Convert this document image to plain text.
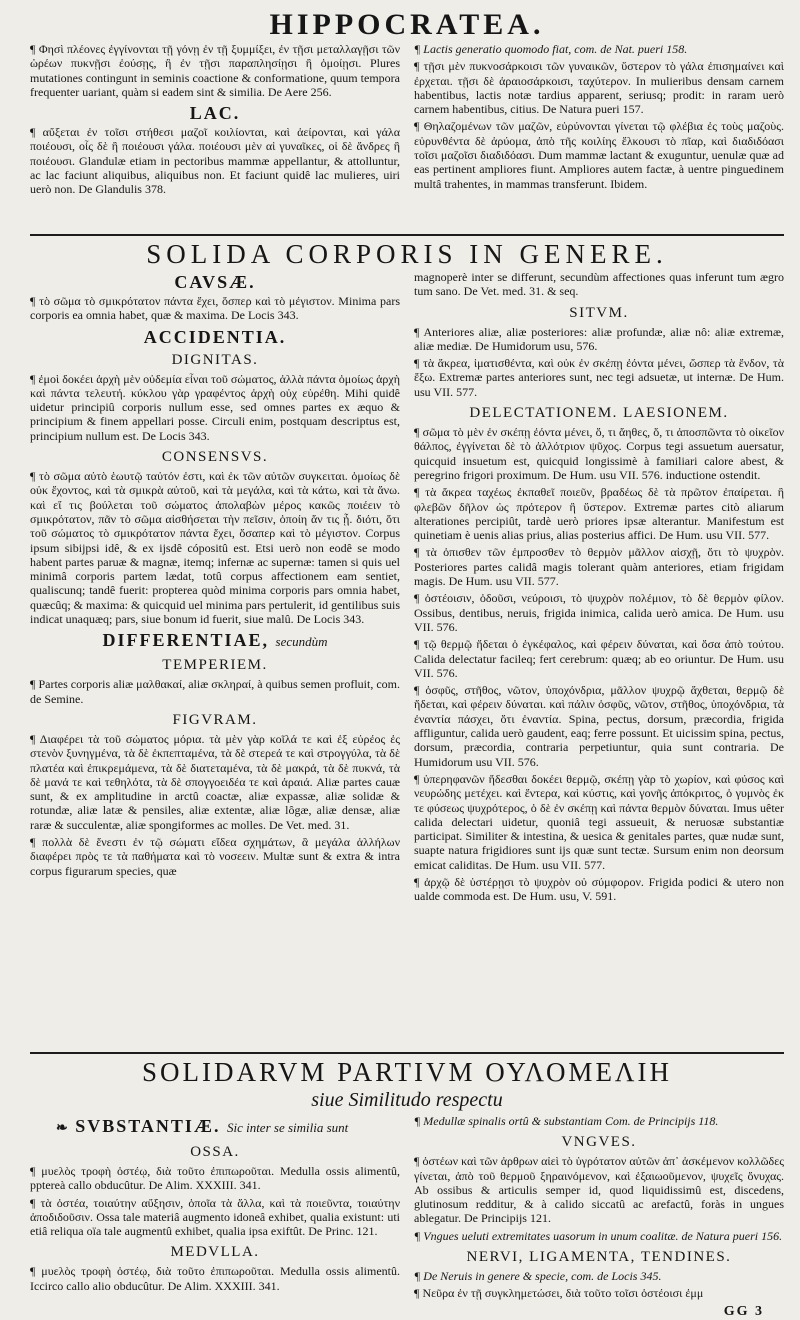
HIPPOCRATEA.

¶ Φησὶ πλέονες ἐγγίνονται τῇ γόνῃ ἐν τῇ ξυμμίξει, ἐν τῇσι μεταλλαγῇσι τῶν ὡρέων πυκνῇσι ἐούσῃς, ἢ ἐν τῇσι παραπλησίῃσι ἢ ὁμοίῃσι. Plures mutationes contingunt in seminis coactione & conformatione, quum tempora frequenter uariant, quàm si eadem sint & similia. De Aere 256.

LAC.

¶ αὔξεται ἐν τοῖσι στήθεσι μαζοῖ κοιλίονται, καὶ ἀείρονται, καὶ γάλα ποιέουσι, οἷς δὲ ἢ ποιέουσι γάλα. ποιέουσι μὲν αἱ γυναῖκες, οἱ δὲ ἄνδρες ἢ ποιέουσι. Glandulæ etiam in pectoribus mammæ appellantur, & attolluntur, ac lac faciunt aliquibus, aliquibus non. Et faciunt quidê lac mulieres, uiri uerò non. De Glandulis 378.

¶ Lactis generatio quomodo fiat, com. de Nat. pueri 158.

¶ τῇσι μὲν πυκνοσάρκοισι τῶν γυναικῶν, ὕστερον τὸ γάλα ἐπισημαίνει καὶ ἐρχεται. τῇσι δὲ ἀραιοσάρκοισι, ταχύτερον. In mulieribus densam carnem habentibus, lactis notæ tardius apparent, seriusq; prodit: in raram uerò carnem habentibus, citius. De Natura pueri 157.

¶ Θηλαζομένων τῶν μαζῶν, εὐρύνονται γίνεται τῷ φλέβια ἐς τοὺς μαζοὺς. εὐρυνθέντα δὲ ἀρύομα, ἀπὸ τῆς κοιλίης ἕλκουσι τὸ πῖαρ, καὶ διαδιδόασι τοῖσι μαζοῖσι διαδιδόασι. Dum mammæ lactant & exuguntur, uenulæ quæ ad eas pertinent ampliores fiunt. Ampliores autem factæ, à uentre pinguedinem multâ trahentes, in mammas transferunt. Ibidem.

SOLIDA CORPORIS IN GENERE.
CAVSÆ.

¶ τὸ σῶμα τὸ σμικρότατον πάντα ἔχει, ὅσπερ καὶ τὸ μέγιστον. Minima pars corporis ea omnia habet, quæ & maxima. De Locis 343.

ACCIDENTIA.
DIGNITAS.

¶ ἐμοὶ δοκέει ἀρχὴ μὲν οὐδεμία εἶναι τοῦ σώματος, ἀλλὰ πάντα ὁμοίως ἀρχὴ καὶ πάντα τελευτή. κύκλου γὰρ γραφέντος ἀρχὴ οὐχ εὑρέθη. Mihi quidê uidetur principiû corporis nullum esse, sed omnes partes ex æquo & principium & finem appellari posse. Circuli enim, postquam descriptus est, principium nullum est. De Locis 343.

CONSENSVS.

¶ τὸ σῶμα αὐτὸ ἑωυτῷ ταὐτόν ἐστι, καὶ ἐκ τῶν αὐτῶν συγκειται. ὁμοίως δὲ οὐκ ἔχοντος, καὶ τὰ σμικρὰ αὐτοῦ, καὶ τὰ μεγάλα, καὶ τὰ κάτω, καὶ τὰ ἄνω. καὶ εἴ τις βούλεται τοῦ σώματος ἀπολαβὼν μέρος κακῶς ποιέειν τὸ σμικρότατον, πᾶν τὸ σῶμα αἰσθήσεται τὴν πεῖσιν, ὁποίη ἄν τις ᾖ. διότι, ὅτι τοῦ σώματος τὸ σμικρότατον πάντα ἔχει, ὅσαπερ καὶ τὸ μέγιστον. Corpus ipsum sibijpsi idê, & ex ijsdê cópositû est. Etsi uerò non eodê se modo habent partes paruæ & magnæ, itemq; infernæ ac supernæ: tamen si quis uel minimâ corporis partem lædat, totû corpus affectionem eam sentiet, qualiscunq; tandê fuerit: propterea quòd minima corporis pars omnia habet, quæcûq; & maxima: & quicquid uel minima pars pertulerit, id gentilibus suis indicat unaquæq; pars, siue bonum id fuerit, siue malû. De Locis 343.

DIFFERENTIAE, secundùm
TEMPERIEM.

¶ Partes corporis aliæ μαλθακαί, aliæ σκληραί, à quibus semen profluit, com. de Semine.

FIGVRAM.

¶ Διαφέρει τὰ τοῦ σώματος μόρια. τὰ μὲν γὰρ κοῖλά τε καὶ ἐξ εὐρέος ἐς στενὸν ξυνηγμένα, τὰ δὲ ἐκπεπταμένα, τὰ δὲ στερεά τε καὶ στρογγύλα, τὰ δὲ πλατέα καὶ ἐπικρεμάμενα, τὰ δὲ διατεταμένα, τὰ δὲ μακρά, τὰ δὲ πυκνά, τὰ δὲ μανά τε καὶ τεθηλότα, τὰ δὲ σπογγοειδέα τε καὶ ἀραιά. Aliæ partes cauæ sunt, & ex amplitudine in arctû coactæ, aliæ expassæ, aliæ solidæ & rotundæ, aliæ latæ & pensiles, aliæ extentæ, aliæ lôgæ, aliæ densæ, aliæ raræ & succulentæ, aliæ spongiformes ac molles. De Vet. med. 31.

¶ πολλὰ δὲ ἔνεστι ἐν τῷ σώματι εἴδεα σχημάτων, ἃ μεγάλα ἀλλήλων διαφέρει πρὸς τε τὰ παθήματα καὶ τὸ νοσεειν. Multæ sunt & extra & intra corpus figurarum species, quæ

magnoperè inter se differunt, secundùm affectiones quas inferunt tum ægro tum sano. De Vet. med. 31. & seq.

SITVM.

¶ Anteriores aliæ, aliæ posteriores: aliæ profundæ, aliæ nô: aliæ extremæ, aliæ mediæ. De Humidorum usu, 576.

¶ τὰ ἄκρεα, ἱματισθέντα, καὶ οὐκ ἐν σκέπῃ ἐόντα μένει, ὥσπερ τὰ ἔνδον, τὰ ἔξω. Extremæ partes anteriores sunt, nec tegi adsuetæ, ut internæ. De Hum. usu VII. 577.

DELECTATIONEM. LAESIONEM.

¶ σῶμα τὸ μὲν ἐν σκέπῃ ἐόντα μένει, ὅ, τι ἄηθες, ὅ, τι ἀποσπῶντα τὸ οἰκεῖον θάλπος, ἐγγίνεται δὲ τὸ ἀλλότριον ψῦχος. Corpus tegi assuetum auersatur, quicquid insuetum est, quicquid longissimè à familiari calore abest, & peregrino frigori proximum. De Hum. usu VII. 576. inductione ostendit.

¶ τὰ ἄκρεα ταχέως ἐκπαθεῖ ποιεῦν, βραδέως δὲ τὰ πρῶτον ἐπαίρεται. ἢ φλεβῶν δῆλον ὡς πρότερον ἢ ὕστερον. Extremæ partes citò aliarum alterationes percipiût, tardè uerò priores ipsæ alterantur. Manifestum est quinetiam è uenis alias prius, alias posterius affici. De Hum. usu VII. 577.

¶ τὰ ὀπισθεν τῶν ἐμπροσθεν τὸ θερμὸν μᾶλλον αἰσχῇ, ὅτι τὸ ψυχρὸν. Posteriores partes calidâ magis tolerant quàm anteriores, etiam frigidam magis. De Hum. usu VII. 577.

¶ ὀστέοισιν, ὀδοῦσι, νεύροισι, τὸ ψυχρὸν πολέμιον, τὸ δὲ θερμὸν φίλον. Ossibus, dentibus, neruis, frigida inimica, calida uerò amica. De Hum. usu VII. 576.

¶ τῷ θερμῷ ἥδεται ὁ ἐγκέφαλος, καὶ φέρειν δύναται, καὶ ὅσα ἀπὸ τούτου. Calida delectatur facileq; fert cerebrum: quæq; ab eo oriuntur. De Hum. usu VII. 576.

¶ ὀσφῦς, στῆθος, νῶτον, ὑποχόνδρια, μᾶλλον ψυχρῷ ἄχθεται, θερμῷ δὲ ἥδεται, καὶ φέρειν δύναται. καὶ πάλιν ὀσφῦς, νῶτον, στῆθος, ὑποχόνδρια, τὰ ἐναντία πάσχει, ὅτι ἐναντία. Spina, pectus, dorsum, præcordia, frigida affliguntur, calida uerò gaudent, eaq; ferre possunt. Et uicissim spina, pectus, dorsum, præcordia, contraria perpetiuntur, quia sunt contraria. De Humidorum usu VII. 576.

¶ ὑπερηφανῶν ἥδεσθαι δοκέει θερμῷ, σκέπῃ γὰρ τὸ χωρίον, καὶ φύσος καὶ νευρώδης μετέχει. καὶ ἔντερα, καὶ κύστις, καὶ γονῆς ἀπόκριτος, ὁ γυμνὸς ἐκ τε φύσεως ψυχρότερος, ὁ δὲ ἐν σκέπῃ καὶ πάντα θερμὸν δύναται. Imus uêter calida delectari uidetur, quoniâ tegi assueuit, & neruosæ substantiæ participat. Similiter & intestina, & uesica & genitales partes, quæ nudæ sunt, suapte natura frigidiores sunt ijs quæ sunt tectæ. Sursum enim non deorsum emicat caliditas. De Hum. usu VII. 577.

¶ ἀρχῷ δὲ ὑστέρῃσι τὸ ψυχρὸν οὐ σύμφορον. Frigida podici & utero non ualde commoda est. De Hum. usu, V. 591.

SOLIDARVM PARTIVM ΟΥΛΟΜΕΛΙΗ
siue Similitudo respectu
❧ SVBSTANTIÆ. Sic inter se similia sunt
OSSA.

¶ μυελὸς τροφὴ ὀστέῳ, διὰ τοῦτο ἐπιπωροῦται. Medulla ossis alimentû, pptereà callo obducûtur. De Alim. XXXIII. 341.

¶ τὰ ὀστέα, τοιαύτην αὔξησιν, ὁποῖα τὰ ἄλλα, καὶ τὰ ποιεῦντα, τοιαύτην ἀποδιδοῦσιν. Ossa tale materiâ augmento idoneâ exhibet, qualia existunt: uti etiâ reliqua oïa tale augmentû exhibet, qualia ipsa exiftût. De Princ. 121.

MEDVLLA.

¶ μυελὸς τροφὴ ὀστέῳ, διὰ τοῦτο ἐπιπωροῦται. Medulla ossis alimentû. Iccirco callo alio obducûtur. De Alim. XXXIII. 341.

¶ Medullæ spinalis ortû & substantiam Com. de Principijs 118.

VNGVES.

¶ ὀστέων καὶ τῶν ἀρθρων αἰεὶ τὸ ὑγρότατον αὐτῶν ἀπ᾽ ἀσκέμενον κολλῶδες γίνεται, ἀπὸ τοῦ θερμοῦ ξηραινόμενον, καὶ ἐξαιωοῦμενον, ψυχεῖς ὄνυχας. Ab ossibus & articulis semper id, quod liquidissimû est, discedens, glutinosum redditur, & à calido siccatû ac arefactû, foràs in ungues ablegatur. De Principijs 121.

¶ Vngues ueluti extremitates uasorum in unum coalitæ. de Natura pueri 156.

NERVI, LIGAMENTA, TENDINES.

¶ De Neruis in genere & specie, com. de Locis 345.

¶ Νεῦρα ἐν τῇ συγκλημετώσει, διὰ τοῦτο τοῖσι ὀστέοισι ἐμμ

GG 3
